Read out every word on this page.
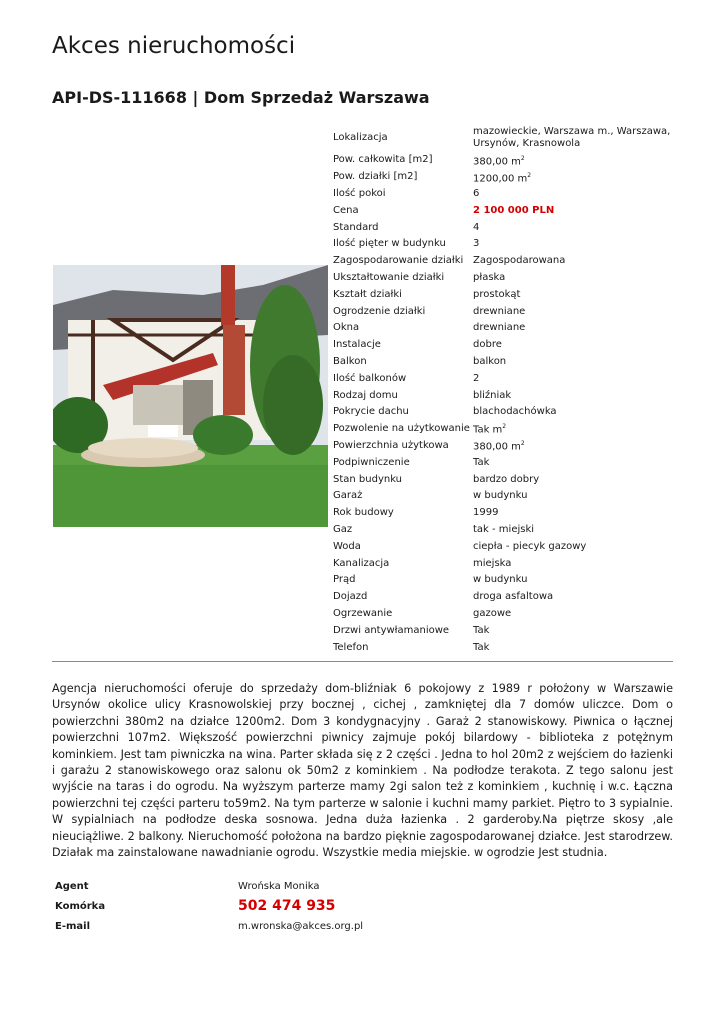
Akces nieruchomości
API-DS-111668 | Dom Sprzedaż Warszawa
Lokalizacja	mazowieckie, Warszawa m., Warszawa, Ursynów, Krasnowola
Pow. całkowita [m2]	380,00 $m^2$
Pow. działki [m2]	1200,00 $m^2$
Ilość pokoi	6
Cena	2 100 000 PLN
Standard	4
Ilość pięter w budynku	3
Zagospodarowanie działki	Zagospodarowana
Ukształtowanie działki	płaska
Kształt działki	prostokąt
Ogrodzenie działki	drewniane
Okna	drewniane
Instalacje	dobre
Balkon	balkon
Ilość balkonów	2
Rodzaj domu	bliźniak
Pokrycie dachu	blachodachówka
Pozwolenie na użytkowanie	Tak $m^2$
Powierzchnia użytkowa	380,00 $m^2$
Podpiwniczenie	Tak
Stan budynku	bardzo dobry
Garaż	w budynku
Rok budowy	1999
Gaz	tak - miejski
Woda	ciepła - piecyk gazowy
Kanalizacja	miejska
Prąd	w budynku
Dojazd	droga asfaltowa
Ogrzewanie	gazowe
Drzwi antywłamaniowe	Tak
Telefon	Tak

Agencja nieruchomości oferuje do sprzedaży dom-bliźniak 6 pokojowy z 1989 r położony w Warszawie Ursynów okolice ulicy Krasnowolskiej przy bocznej , cichej , zamkniętej dla 7 domów uliczce. Dom o powierzchni 380m2 na działce 1200m2. Dom 3 kondygnacyjny . Garaż 2 stanowiskowy. Piwnica o łącznej powierzchni 107m2. Większość powierzchni piwnicy zajmuje pokój bilardowy - biblioteka z potężnym kominkiem. Jest tam piwniczka na wina. Parter składa się z 2 części . Jedna to hol 20m2 z wejściem do łazienki i garażu 2 stanowiskowego oraz salonu ok 50m2 z kominkiem . Na podłodze terakota. Z tego salonu jest wyjście na taras i do ogrodu. Na wyższym parterze mamy 2gi salon też z kominkiem , kuchnię i w.c. Łączna powierzchni tej części parteru to59m2. Na tym parterze w salonie i kuchni mamy parkiet. Piętro to 3 sypialnie. W sypialniach na podłodze deska sosnowa. Jedna duża łazienka . 2 garderoby.Na piętrze skosy ,ale nieuciążliwe. 2 balkony. Nieruchomość położona na bardzo pięknie zagospodarowanej działce. Jest starodrzew. Działak ma zainstalowane nawadnianie ogrodu. Wszystkie media miejskie. w ogrodzie Jest studnia.

Agent	Wrońska Monika
Komórka	502 474 935
E-mail	m.wronska@akces.org.pl
